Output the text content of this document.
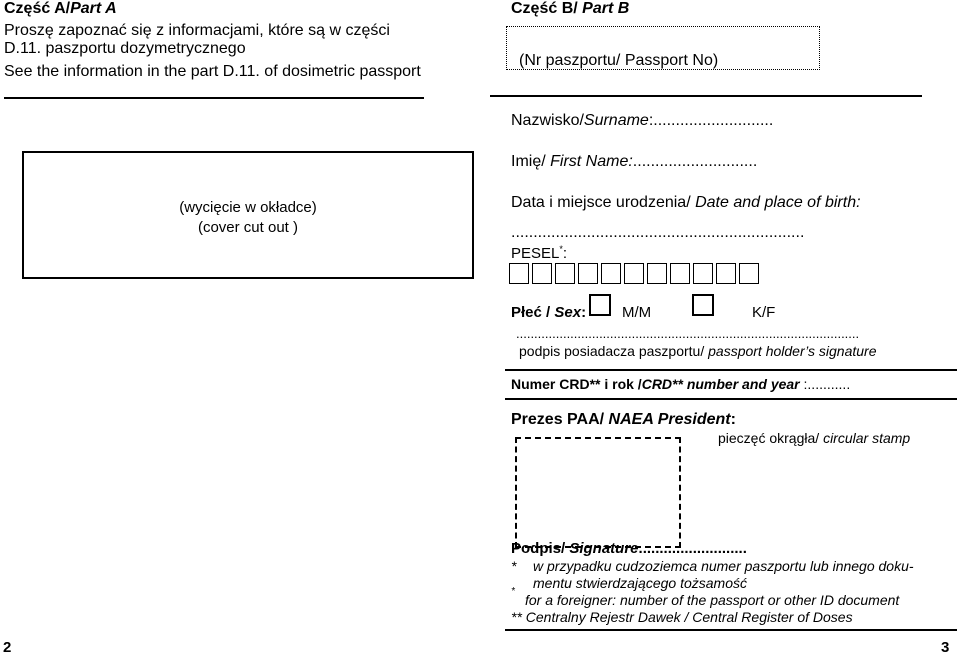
Część A/Part A
Proszę zapoznać się z informacjami, które są w części
D.11. paszportu dozymetrycznego
See the information in the part D.11. of dosimetric passport
(wycięcie w okładce)
(cover cut out )
2
Część B/ Part B
(Nr paszportu/ Passport No)
Nazwisko/Surname:...........................
Imię/ First Name:............................
Data i miejsce urodzenia/ Date and place of birth:
..................................................................
PESEL*:
Płeć / Sex: M/M	K/F
...............................................................................................
podpis posiadacza paszportu/ passport holder’s signature
Numer CRD** i rok /CRD** number and year :...........
Prezes PAA/ NAEA President:
pieczęć okrągła/ circular stamp
Podpis/ Signature..........................
* w przypadku cudzoziemca numer paszportu lub innego doku-
mentu stwierdzającego tożsamość
*
for a foreigner: number of the passport or other ID document
** Centralny Rejestr Dawek / Central Register of Doses
3
